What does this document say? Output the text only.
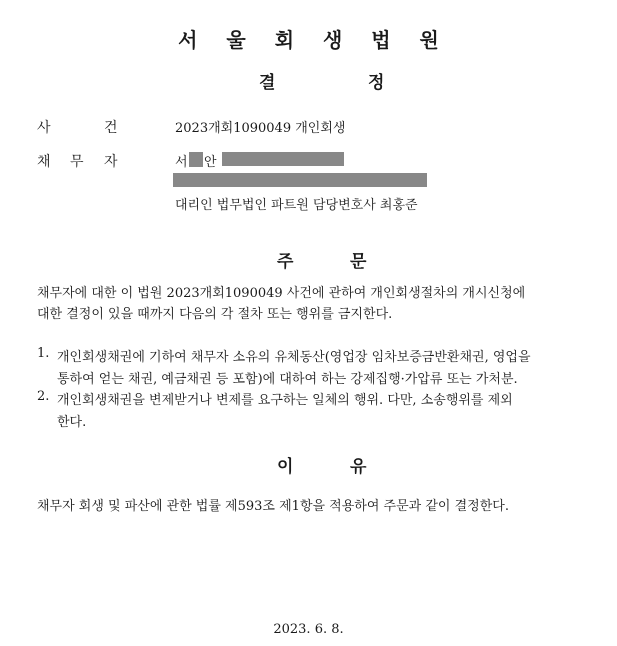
서 울 회 생 법 원
결	정
사	건	2023개회1090049 개인회생
채 무 자	서 안
대리인 법무법인 파트원 담당변호사 최홍준
주	문
채무자에 대한 이 법원 2023개회1090049 사건에 관하여 개인회생절차의 개시신청에
대한 결정이 있을 때까지 다음의 각 절차 또는 행위를 금지한다.
1. 개인회생채권에 기하여 채무자 소유의 유체동산(영업장 임차보증금반환채권, 영업을
통하여 얻는 채권, 예금채권 등 포함)에 대하여 하는 강제집행·가압류 또는 가처분.
2. 개인회생채권을 변제받거나 변제를 요구하는 일체의 행위. 다만, 소송행위를 제외
한다.
이	유
채무자 회생 및 파산에 관한 법률 제593조 제1항을 적용하여 주문과 같이 결정한다.
2023. 6. 8.
